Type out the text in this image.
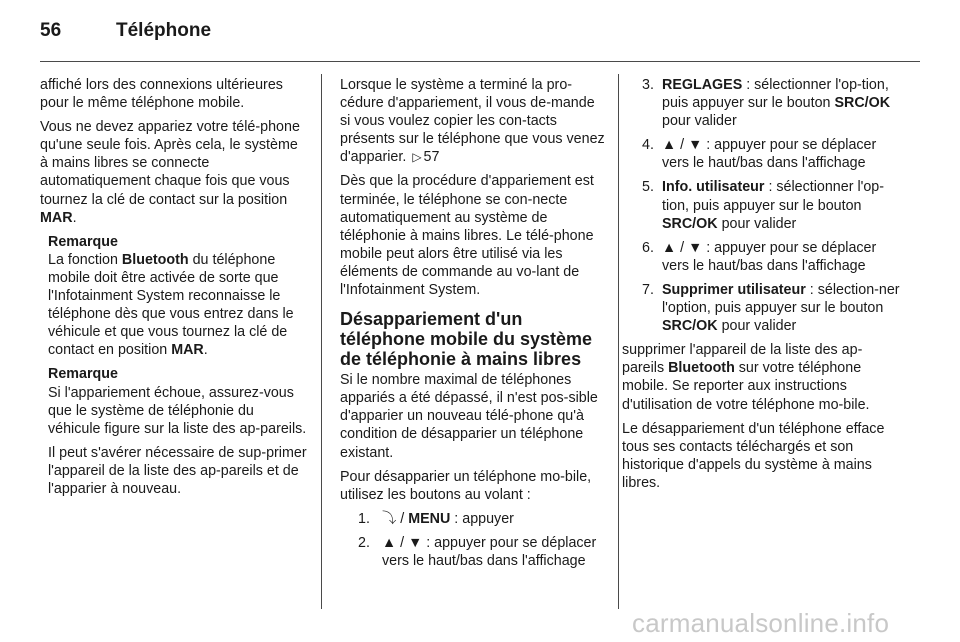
56	Téléphone

affiché lors des connexions ultérieures pour le même téléphone mobile.

Vous ne devez appariez votre télé-phone qu'une seule fois. Après cela, le système à mains libres se connecte automatiquement chaque fois que vous tournez la clé de contact sur la position MAR.

Remarque

La fonction Bluetooth du téléphone mobile doit être activée de sorte que l'Infotainment System reconnaisse le téléphone dès que vous entrez dans le véhicule et que vous tournez la clé de contact en position MAR.

Remarque

Si l'appariement échoue, assurez-vous que le système de téléphonie du véhicule figure sur la liste des ap-pareils.

Il peut s'avérer nécessaire de sup-primer l'appareil de la liste des ap-pareils et de l'apparier à nouveau.

Lorsque le système a terminé la pro-cédure d'appariement, il vous de-mande si vous voulez copier les con-tacts présents sur le téléphone que vous venez d'apparier. ▷ 57

Dès que la procédure d'appariement est terminée, le téléphone se con-necte automatiquement au système de téléphonie à mains libres. Le télé-phone mobile peut alors être utilisé via les éléments de commande au vo-lant de l'Infotainment System.

Désappariement d'un téléphone mobile du système de téléphonie à mains libres

Si le nombre maximal de téléphones appariés a été dépassé, il n'est pos-sible d'apparier un nouveau télé-phone qu'à condition de désapparier un téléphone existant.

Pour désapparier un téléphone mo-bile, utilisez les boutons au volant :

1. ⤵ / MENU : appuyer
2. ▲ / ▼ : appuyer pour se déplacer vers le haut/bas dans l'affichage
3. REGLAGES : sélectionner l'op-tion, puis appuyer sur le bouton SRC/OK pour valider
4. ▲ / ▼ : appuyer pour se déplacer vers le haut/bas dans l'affichage
5. Info. utilisateur : sélectionner l'op-tion, puis appuyer sur le bouton SRC/OK pour valider
6. ▲ / ▼ : appuyer pour se déplacer vers le haut/bas dans l'affichage
7. Supprimer utilisateur : sélection-ner l'option, puis appuyer sur le bouton SRC/OK pour valider

supprimer l'appareil de la liste des ap-pareils Bluetooth sur votre téléphone mobile. Se reporter aux instructions d'utilisation de votre téléphone mo-bile.

Le désappariement d'un téléphone efface tous ses contacts téléchargés et son historique d'appels du système à mains libres.

carmanualsonline.info
